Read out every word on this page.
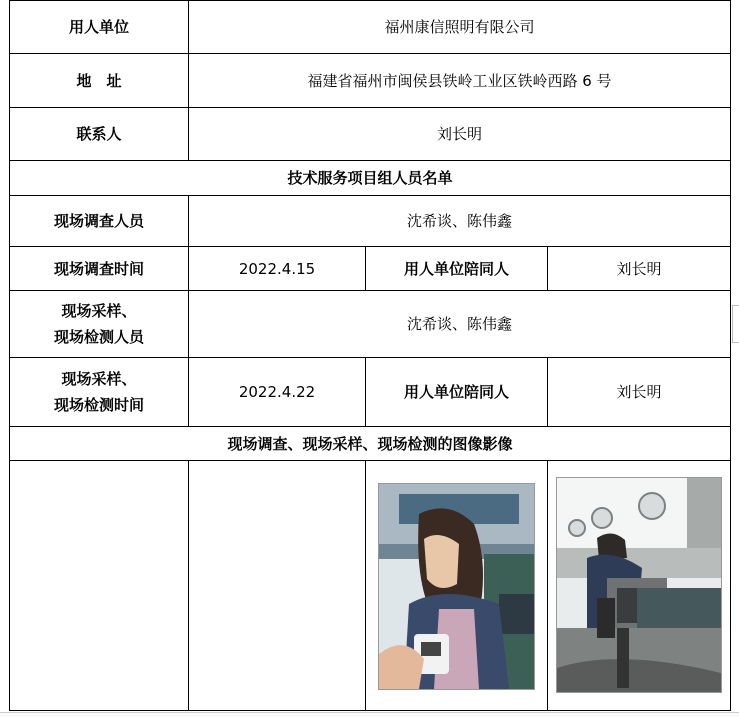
用人单位	福州康信照明有限公司		
地　址	福建省福州市闽侯县铁岭工业区铁岭西路 6 号		
联系人	刘长明		
技术服务项目组人员名单			
现场调查人员	沈希谈、陈伟鑫		
现场调查时间	2022.4.15	用人单位陪同人	刘长明

现场采样、
现场检测人员	沈希谈、陈伟鑫		

现场采样、
现场检测时间	2022.4.22	用人单位陪同人	刘长明
现场调查、现场采样、现场检测的图像影像			
